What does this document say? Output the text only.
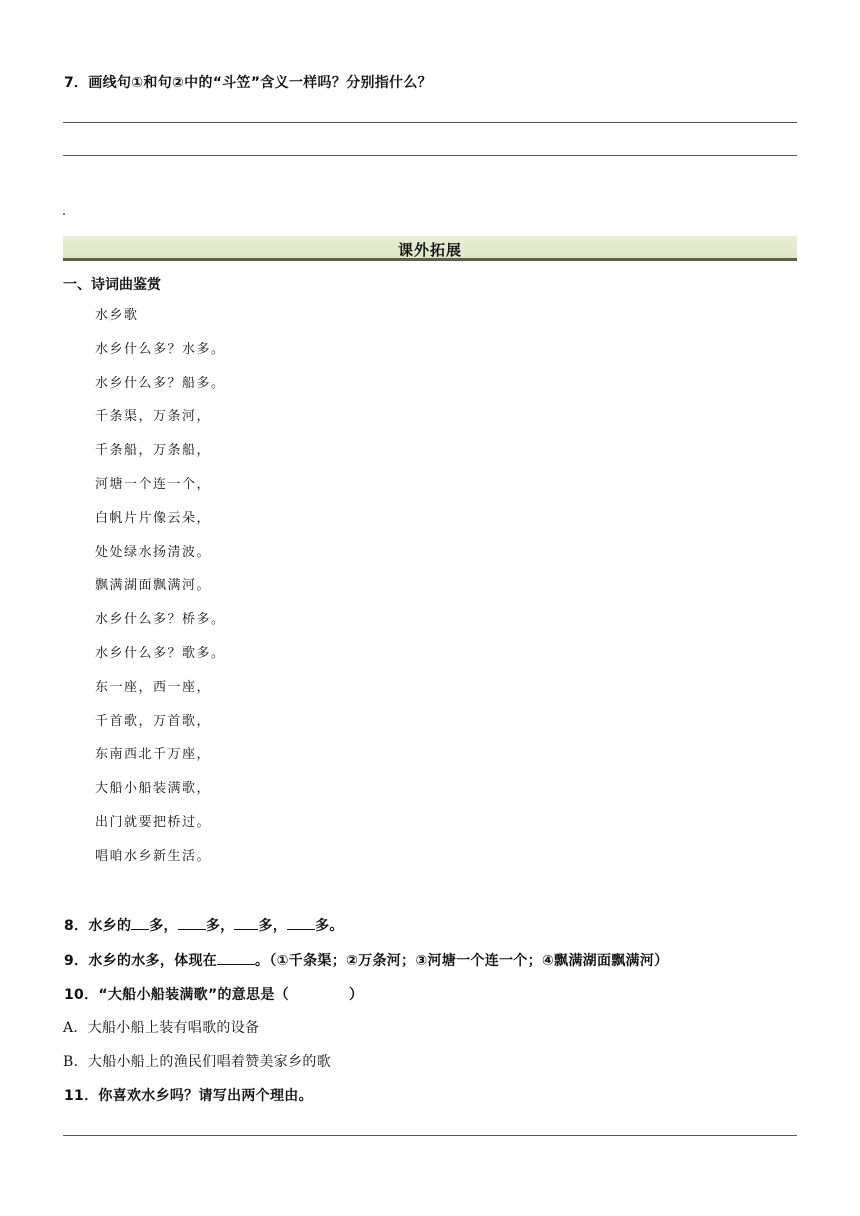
7．画线句①和句②中的“斗笠”含义一样吗？分别指什么？
课外拓展
一、诗词曲鉴赏
水乡歌
水乡什么多？水多。
水乡什么多？船多。
千条渠，万条河，
千条船，万条船，
河塘一个连一个，
白帆片片像云朵，
处处绿水扬清波。
飘满湖面飘满河。
水乡什么多？桥多。
水乡什么多？歌多。
东一座，西一座，
千首歌，万首歌，
东南西北千万座，
大船小船装满歌，
出门就要把桥过。
唱咱水乡新生活。
8．水乡的 多， 多， 多， 多。
9．水乡的水多，体现在	。（①千条渠；②万条河；③河塘一个连一个；④飘满湖面飘满河）
10．“大船小船装满歌”的意思是（	）
A．大船小船上装有唱歌的设备
B．大船小船上的渔民们唱着赞美家乡的歌
11．你喜欢水乡吗？请写出两个理由。
